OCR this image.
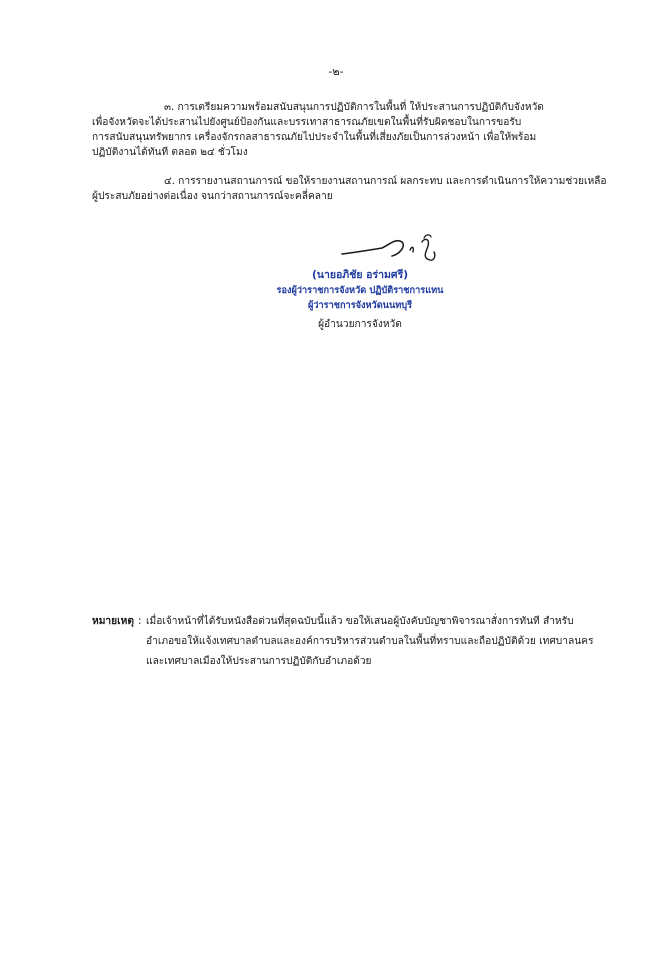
-๒-
๓. การเตรียมความพร้อมสนับสนุนการปฏิบัติการในพื้นที่ ให้ประสานการปฏิบัติกับจังหวัด
เพื่อจังหวัดจะได้ประสานไปยังศูนย์ป้องกันและบรรเทาสาธารณภัยเขตในพื้นที่รับผิดชอบในการขอรับ
การสนับสนุนทรัพยากร เครื่องจักรกลสาธารณภัยไปประจำในพื้นที่เสี่ยงภัยเป็นการล่วงหน้า เพื่อให้พร้อม
ปฏิบัติงานได้ทันที ตลอด ๒๔ ชั่วโมง
๔. การรายงานสถานการณ์ ขอให้รายงานสถานการณ์ ผลกระทบ และการดำเนินการให้ความช่วยเหลือ
ผู้ประสบภัยอย่างต่อเนื่อง จนกว่าสถานการณ์จะคลี่คลาย
(นายอภิชัย อร่ามศรี)
รองผู้ว่าราชการจังหวัด ปฏิบัติราชการแทน
ผู้ว่าราชการจังหวัดนนทบุรี
ผู้อำนวยการจังหวัด
หมายเหตุ : เมื่อเจ้าหน้าที่ได้รับหนังสือด่วนที่สุดฉบับนี้แล้ว ขอให้เสนอผู้บังคับบัญชาพิจารณาสั่งการทันที สำหรับ
อำเภอขอให้แจ้งเทศบาลตำบลและองค์การบริหารส่วนตำบลในพื้นที่ทราบและถือปฏิบัติด้วย เทศบาลนคร
และเทศบาลเมืองให้ประสานการปฏิบัติกับอำเภอด้วย
